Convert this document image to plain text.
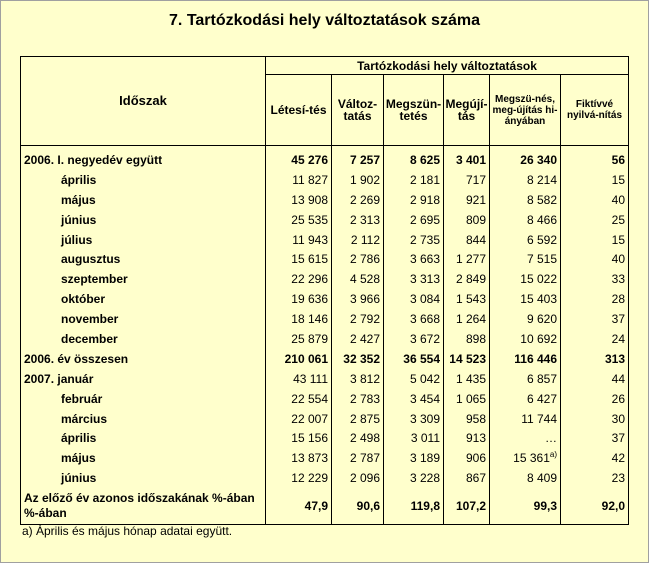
7. Tartózkodási hely változtatások száma
Időszak	Tartózkodási hely változtatások					
	Létesí-tés	Változ-tatás	Megszün-tetés	Megújí-tás	Megszü-nés, meg-újítás hi-ányában	Fiktívvé nyilvá-nítás
2006. I. negyedév együtt	45 276	7 257	8 625	3 401	26 340	56
április	11 827	1 902	2 181	717	8 214	15
május	13 908	2 269	2 918	921	8 582	40
június	25 535	2 313	2 695	809	8 466	25
július	11 943	2 112	2 735	844	6 592	15
augusztus	15 615	2 786	3 663	1 277	7 515	40
szeptember	22 296	4 528	3 313	2 849	15 022	33
október	19 636	3 966	3 084	1 543	15 403	28
november	18 146	2 792	3 668	1 264	9 620	37
december	25 879	2 427	3 672	898	10 692	24
2006. év összesen	210 061	32 352	36 554	14 523	116 446	313
2007. január	43 111	3 812	5 042	1 435	6 857	44
február	22 554	2 783	3 454	1 065	6 427	26
március	22 007	2 875	3 309	958	11 744	30
április	15 156	2 498	3 011	913	…	37
május	13 873	2 787	3 189	906	15 361$^{a)}$	42
június	12 229	2 096	3 228	867	8 409	23
Az előző év azonos időszakának %-ában %-ában	47,9	90,6	119,8	107,2	99,3	92,0
a) Április és május hónap adatai együtt.
